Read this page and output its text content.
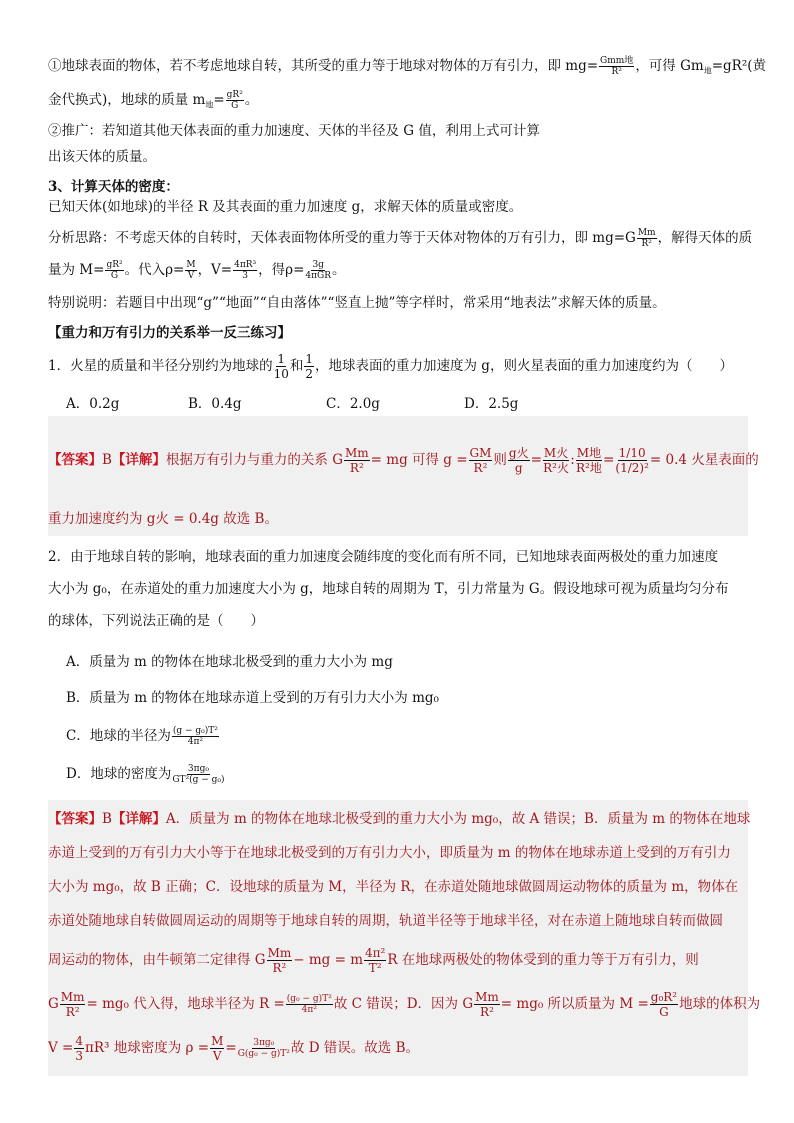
①地球表面的物体，若不考虑地球自转，其所受的重力等于地球对物体的万有引力，即 $mg= \frac{\text{Gmm地}}{\text{R²}}$ ，可得 $Gm_地=gR^2$(黄
金代换式)，地球的质量 $m_地= \frac{\text{gR²}}{G}$ 。
②推广：若知道其他天体表面的重力加速度、天体的半径及 G 值，利用上式可计算
出该天体的质量。
3、计算天体的密度：
已知天体(如地球)的半径 R 及其表面的重力加速度 g，求解天体的质量或密度。
分析思路：不考虑天体的自转时，天体表面物体所受的重力等于天体对物体的万有引力，即 $mg=G \frac{Mm}{\text{R²}}$ ，解得天体的质
量为 $M= \frac{\text{gR²}}{G}$ 。代入$\rho= \frac{M}{V}$ ，$V= \frac{\text{4πR³}}{3}$ ，得$\rho= \frac{3g}{\text{4πGR}}$ 。
特别说明：若题目中出现“g”“地面”“自由落体”“竖直上抛”等字样时，常采用“地表法”求解天体的质量。
【重力和万有引力的关系举一反三练习】
1．火星的质量和半径分别约为地球的 $\frac{1}{10}$ 和 $\frac{1}{2}$ ，地球表面的重力加速度为 g，则火星表面的重力加速度约为（　　）
A．0.2g	B．0.4g	C．2.0g	D．2.5g
【答案】B【详解】根据万有引力与重力的关系 G $\frac{Mm}{\text{R²}}$ = mg 可得 $g = \frac{GM}{\text{R²}}$ 则 $\frac{\text{g火}}{g} = \frac{\text{M火}}{\text{R²火}}$ : $\frac{\text{M地}}{\text{R²地}} = \frac{1/10}{\text{(1/2)²}} = 0.4$ 火星表面的
重力加速度约为 g火 = 0.4g 故选 B。
2．由于地球自转的影响，地球表面的重力加速度会随纬度的变化而有所不同，已知地球表面两极处的重力加速度
大小为 g₀，在赤道处的重力加速度大小为 g，地球自转的周期为 T，引力常量为 G。假设地球可视为质量均匀分布
的球体，下列说法正确的是（　　）
A．质量为 m 的物体在地球北极受到的重力大小为 mg
B．质量为 m 的物体在地球赤道上受到的万有引力大小为 mg₀
C．地球的半径为 $\frac{\text{(g − g₀)T²}}{\text{4π²}}$
D．地球的密度为 $\frac{\text{3πg₀}}{\text{GT²(g − g₀)}}$
【答案】B【详解】A．质量为 m 的物体在地球北极受到的重力大小为 mg₀，故 A 错误；B．质量为 m 的物体在地球
赤道上受到的万有引力大小等于在地球北极受到的万有引力大小，即质量为 m 的物体在地球赤道上受到的万有引力
大小为 mg₀，故 B 正确；C．设地球的质量为 M，半径为 R，在赤道处随地球做圆周运动物体的质量为 m，物体在
赤道处随地球自转做圆周运动的周期等于地球自转的周期，轨道半径等于地球半径，对在赤道上随地球自转而做圆
周运动的物体，由牛顿第二定律得 G $\frac{Mm}{\text{R²}}$ − mg = m $\frac{\text{4π²}}{\text{T²}}$ R 在地球两极处的物体受到的重力等于万有引力，则
G $\frac{Mm}{\text{R²}} = mg_0$ 代入得，地球半径为 $R = \frac{\text{(g₀ − g)T²}}{\text{4π²}}$ 故 C 错误；D．因为 G $\frac{Mm}{\text{R²}} = mg_0$ 所以质量为 $M = \frac{\text{g₀R²}}{G}$ 地球的体积为
$V = \frac{4}{3} \pi R^3$ 地球密度为 $\rho = \frac{M}{V} = \frac{\text{3πg₀}}{\text{G(g₀ − g)T²}}$ 故 D 错误。故选 B。
